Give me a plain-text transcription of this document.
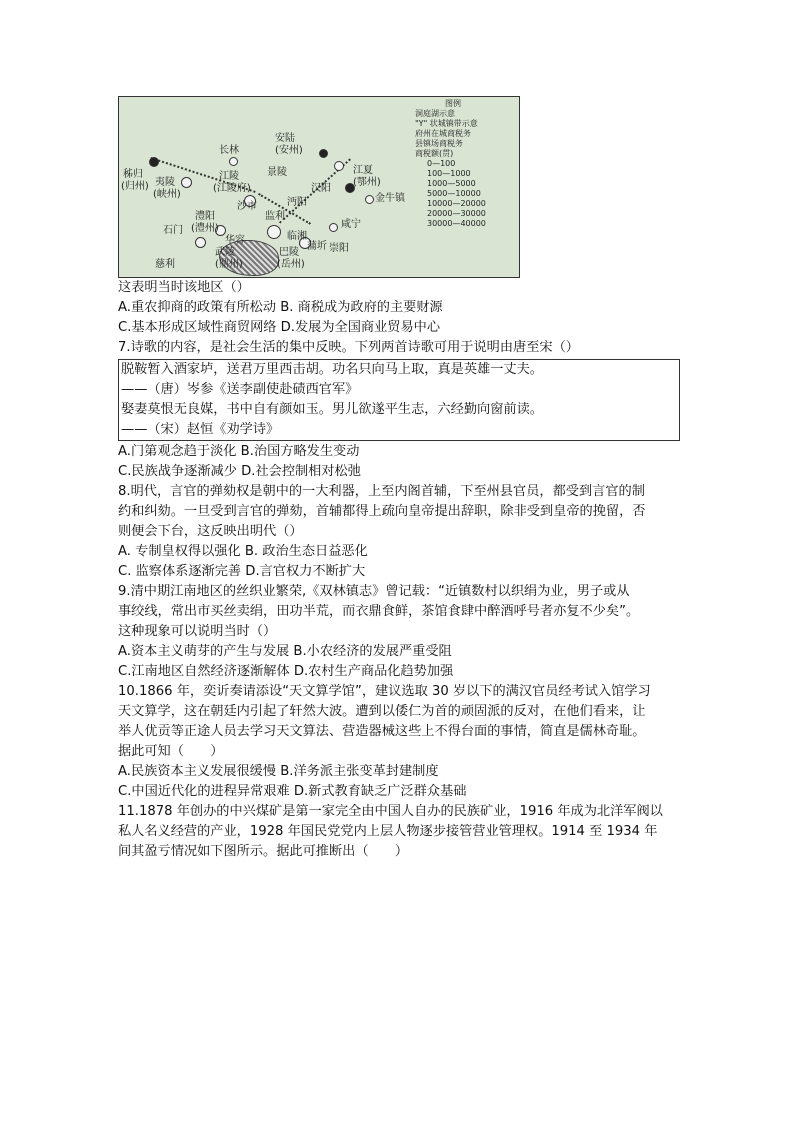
秭归
(归州) 夷陵
(峡州)
长林
江陵
(江陵府)
沙市
石门
澧阳
(澧州)
华容
武陵
(鼎州)
慈利
监利
巴陵
(岳州)
临湘
蒲圻 崇阳
咸宁
汉阳
江夏
(鄂州)
安陆
(安州)
景陵
沔阳	金牛镇
图例
洞庭湖示意
"Y" 状城镇带示意
府州在城商税务
县镇场商税务
商税额(贯)
0—100
100—1000
1000—5000
5000—10000
10000—20000
20000—30000
30000—40000

这表明当时该地区（）

A.重农抑商的政策有所松动 B. 商税成为政府的主要财源

C.基本形成区域性商贸网络 D.发展为全国商业贸易中心

7.诗歌的内容，是社会生活的集中反映。下列两首诗歌可用于说明由唐至宋（）

脱鞍暂入酒家垆，送君万里西击胡。功名只向马上取，真是英雄一丈夫。

——（唐）岑参《送李副使赴碛西官军》

娶妻莫恨无良媒，书中自有颜如玉。男儿欲遂平生志，六经勤向窗前读。

——（宋）赵恒《劝学诗》

A.门第观念趋于淡化 B.治国方略发生变动

C.民族战争逐渐减少 D.社会控制相对松弛

8.明代，言官的弹劾权是朝中的一大利器，上至内阁首辅，下至州县官员，都受到言官的制

约和纠劾。一旦受到言官的弹劾，首辅都得上疏向皇帝提出辞职，除非受到皇帝的挽留，否

则便会下台，这反映出明代（）

A. 专制皇权得以强化 B. 政治生态日益恶化

C. 监察体系逐渐完善 D.言官权力不断扩大

9.清中期江南地区的丝织业繁荣,《双林镇志》曾记载：“近镇数村以织绢为业，男子或从

事绞线，常出市买丝卖绢，田功半荒，而衣鼎食鲜，茶馆食肆中醉酒呼号者亦复不少矣”。

这种现象可以说明当时（）

A.资本主义萌芽的产生与发展 B.小农经济的发展严重受阻

C.江南地区自然经济逐渐解体 D.农村生产商品化趋势加强

10.1866 年，奕䜣奏请添设“天文算学馆”，建议选取 30 岁以下的满汉官员经考试入馆学习

天文算学，这在朝廷内引起了轩然大波。遭到以倭仁为首的顽固派的反对，在他们看来，让

举人优贡等正途人员去学习天文算法、营造器械这些上不得台面的事情，简直是儒林奇耻。

据此可知（　　）

A.民族资本主义发展很缓慢 B.洋务派主张变革封建制度

C.中国近代化的进程异常艰难 D.新式教育缺乏广泛群众基础

11.1878 年创办的中兴煤矿是第一家完全由中国人自办的民族矿业，1916 年成为北洋军阀以

私人名义经营的产业，1928 年国民党党内上层人物逐步接管营业管理权。1914 至 1934 年

间其盈亏情况如下图所示。据此可推断出（　　）
